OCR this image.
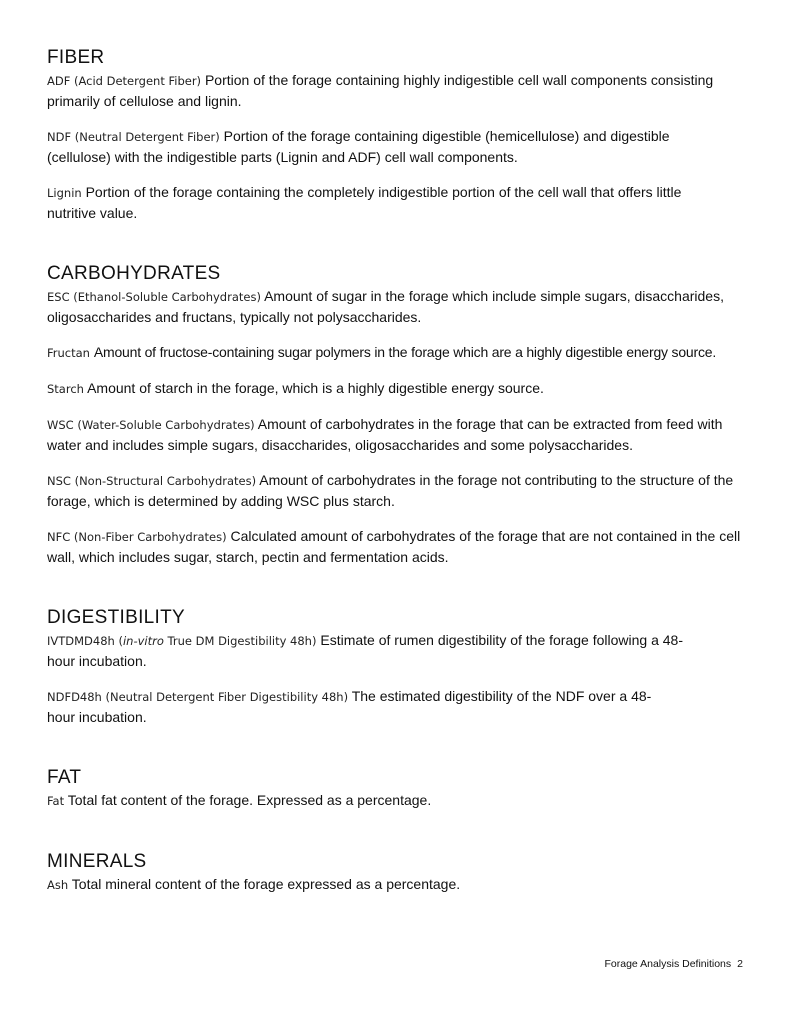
FIBER

ADF (Acid Detergent Fiber) Portion of the forage containing highly indigestible cell wall components consisting primarily of cellulose and lignin.

NDF (Neutral Detergent Fiber) Portion of the forage containing digestible (hemicellulose) and digestible (cellulose) with the indigestible parts (Lignin and ADF) cell wall components.

Lignin Portion of the forage containing the completely indigestible portion of the cell wall that offers little nutritive value.

CARBOHYDRATES

ESC (Ethanol-Soluble Carbohydrates) Amount of sugar in the forage which include simple sugars, disaccharides, oligosaccharides and fructans, typically not polysaccharides.

Fructan Amount of fructose-containing sugar polymers in the forage which are a highly digestible energy source.

Starch Amount of starch in the forage, which is a highly digestible energy source.

WSC (Water-Soluble Carbohydrates) Amount of carbohydrates in the forage that can be extracted from feed with water and includes simple sugars, disaccharides, oligosaccharides and some polysaccharides.

NSC (Non-Structural Carbohydrates) Amount of carbohydrates in the forage not contributing to the structure of the forage, which is determined by adding WSC plus starch.

NFC (Non-Fiber Carbohydrates) Calculated amount of carbohydrates of the forage that are not contained in the cell wall, which includes sugar, starch, pectin and fermentation acids.

DIGESTIBILITY

IVTDMD48h (in-vitro True DM Digestibility 48h) Estimate of rumen digestibility of the forage following a 48-hour incubation.

NDFD48h (Neutral Detergent Fiber Digestibility 48h) The estimated digestibility of the NDF over a 48-hour incubation.

FAT

Fat Total fat content of the forage. Expressed as a percentage.

MINERALS

Ash Total mineral content of the forage expressed as a percentage.

Forage Analysis Definitions 2
